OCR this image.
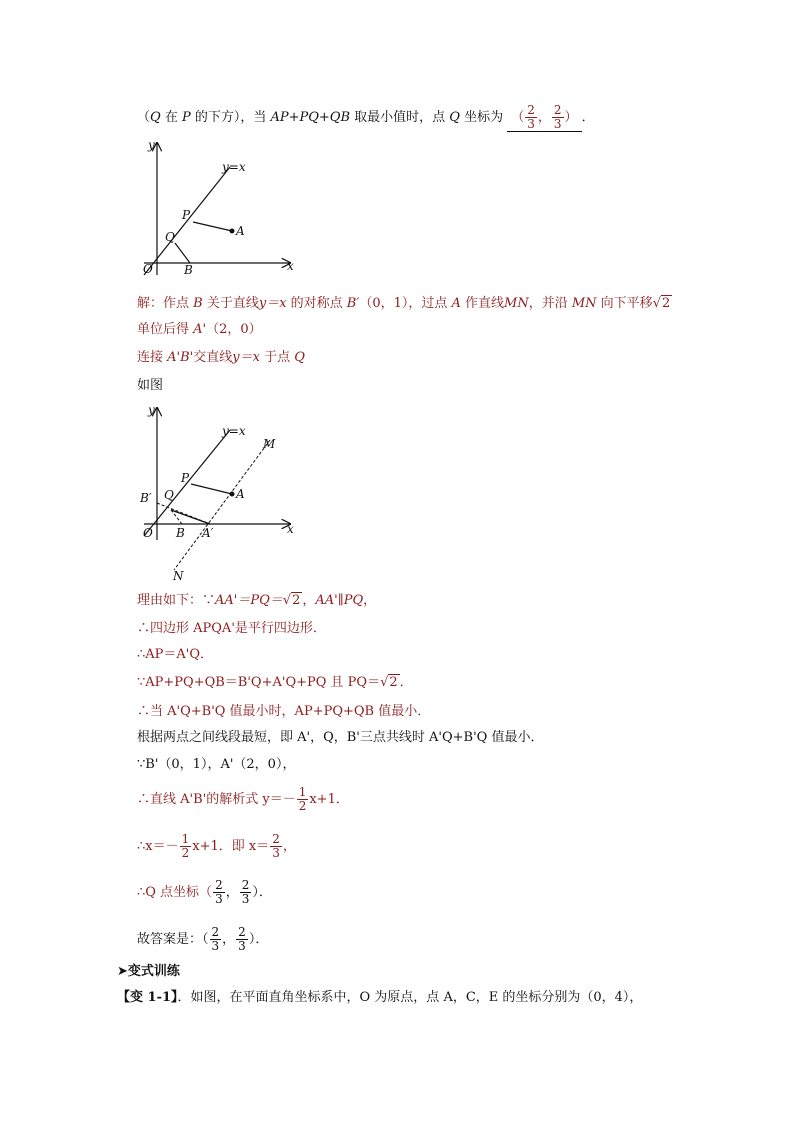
（Q 在 P 的下方），当 AP+PQ+QB 取最小值时，点 Q 坐标为 （ $\frac{2}{3}$ ， $\frac{2}{3}$ ） ．
y
x
y=x
P
A
Q
O	B
解：作点 B 关于直线y＝x 的对称点 B′（0，1），过点 A 作直线MN，并沿 MN 向下平移√2
单位后得 A'（2，0）
连接 A'B'交直线y＝x 于点 Q
如图
y
x
y=x
M
N
P
A
B′ Q
O B A′
理由如下：∵AA'＝PQ＝√2 ，AA'∥PQ，
∴四边形 APQA'是平行四边形．
∴AP＝A'Q．
∵AP+PQ+QB＝B'Q+A'Q+PQ 且 PQ＝√2 ．
∴当 A'Q+B'Q 值最小时，AP+PQ+QB 值最小．
根据两点之间线段最短，即 A'，Q，B'三点共线时 A'Q+B'Q 值最小．
∵B'（0，1），A'（2，0），
∴直线 A'B'的解析式 $y=- \frac{1}{2} x+1$．
∴x＝－ $\frac{1}{2} x+1$．即 $x= \frac{2}{3}$ ，
∴Q 点坐标（ $\frac{2}{3}$ ， $\frac{2}{3}$ ）．
故答案是：（ $\frac{2}{3}$ ， $\frac{2}{3}$ ）．
➤变式训练
【变 1-1】．如图，在平面直角坐标系中，O 为原点，点 A，C，E 的坐标分别为（0，4），
